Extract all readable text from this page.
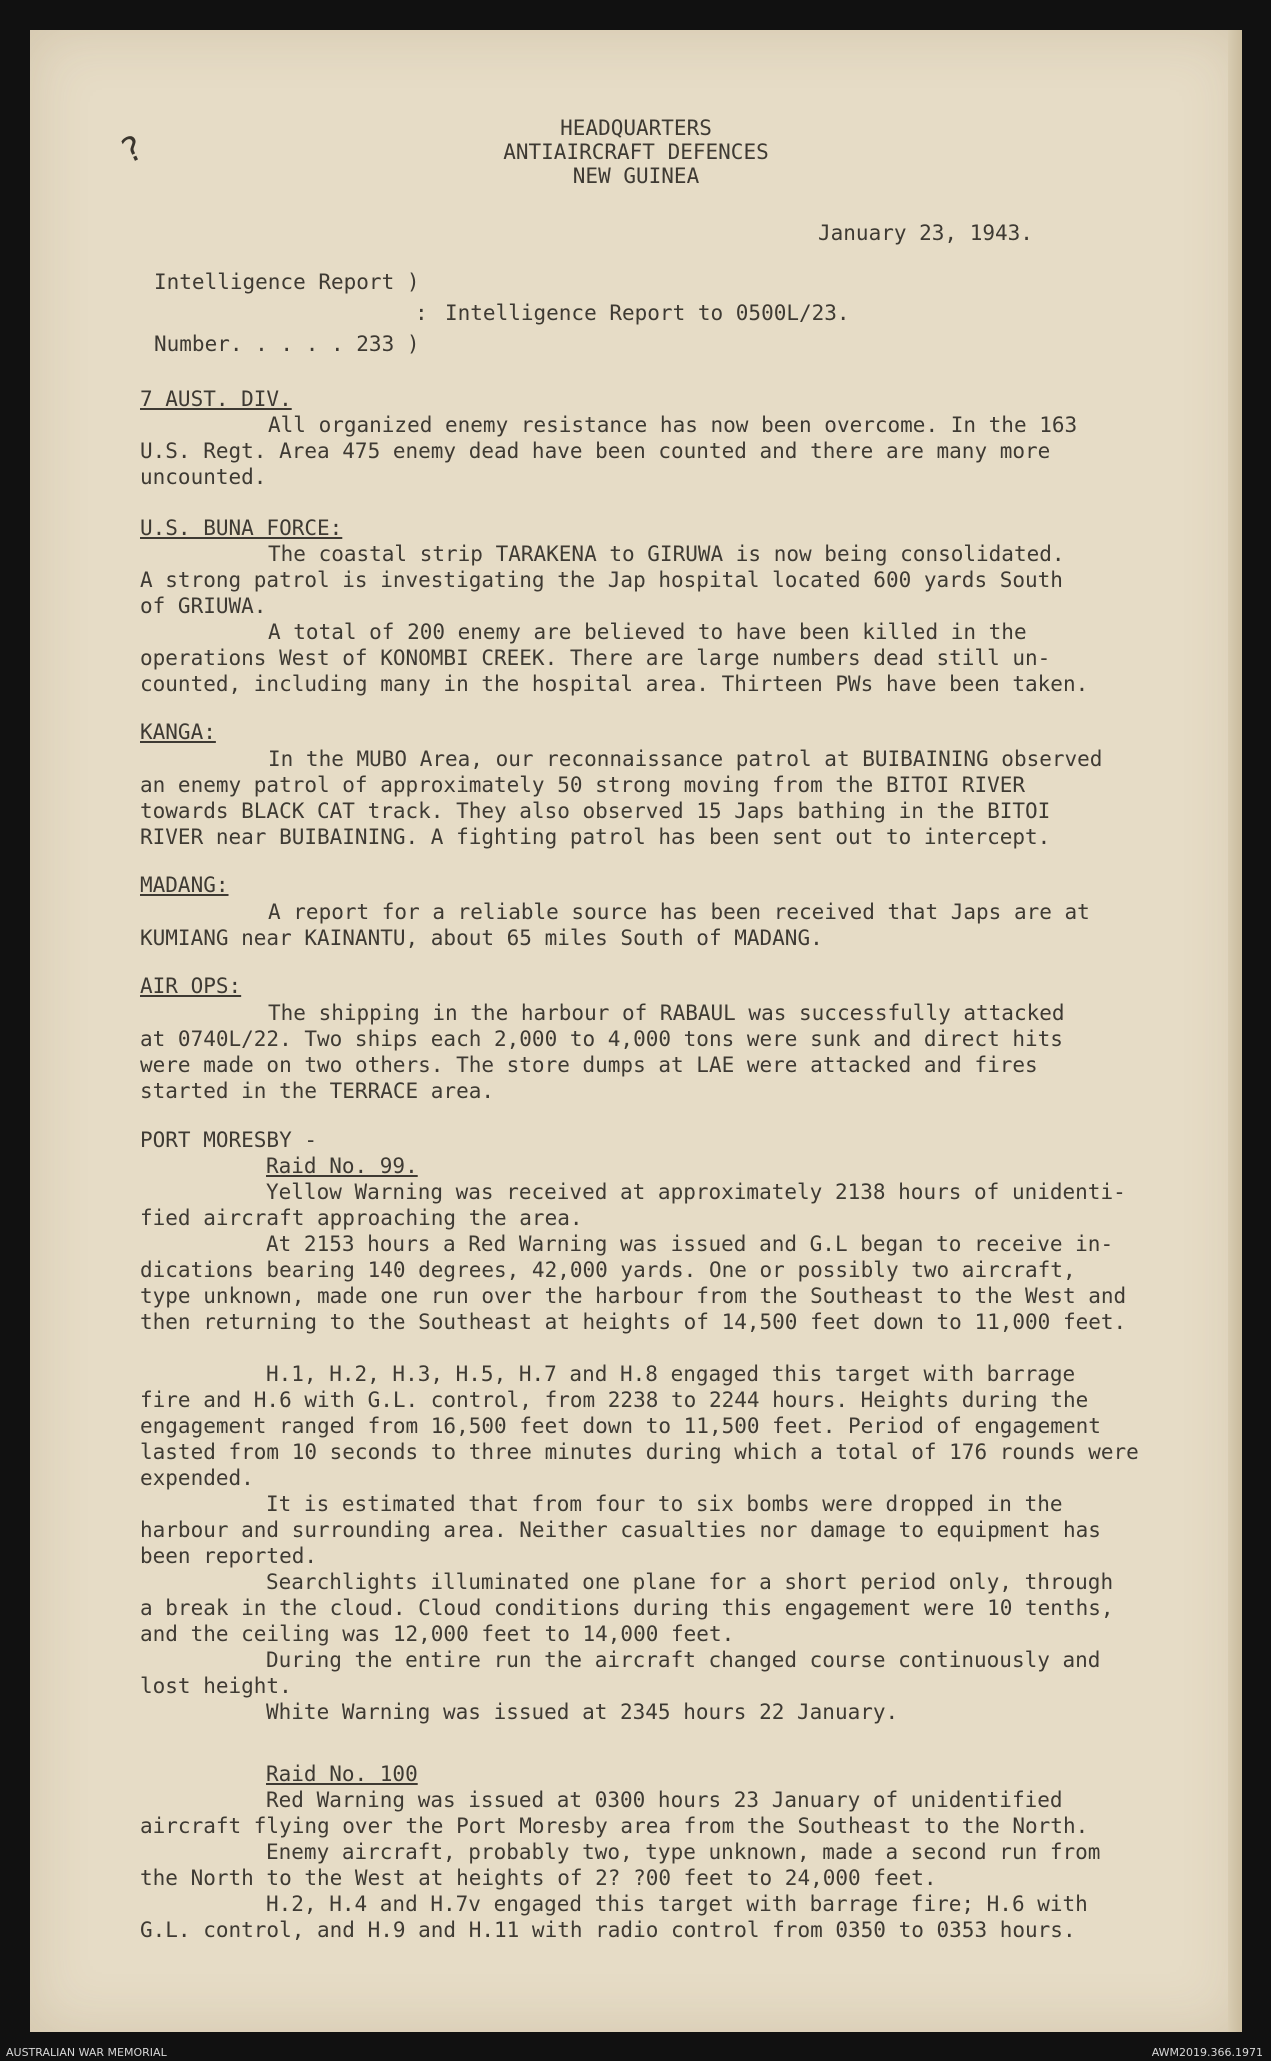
?	HEADQUARTERS
ANTIAIRCRAFT DEFENCES
NEW GUINEA
January 23, 1943.
Intelligence Report )
: Intelligence Report to 0500L/23.
Number. . . . . 233 )
7 AUST. DIV.
All organized enemy resistance has now been overcome. In the 163
U.S. Regt. Area 475 enemy dead have been counted and there are many more
uncounted.
U.S. BUNA FORCE:
The coastal strip TARAKENA to GIRUWA is now being consolidated.
A strong patrol is investigating the Jap hospital located 600 yards South
of GRIUWA.
A total of 200 enemy are believed to have been killed in the
operations West of KONOMBI CREEK. There are large numbers dead still un-
counted, including many in the hospital area. Thirteen PWs have been taken.
KANGA:
In the MUBO Area, our reconnaissance patrol at BUIBAINING observed
an enemy patrol of approximately 50 strong moving from the BITOI RIVER
towards BLACK CAT track. They also observed 15 Japs bathing in the BITOI
RIVER near BUIBAINING. A fighting patrol has been sent out to intercept.
MADANG:
A report for a reliable source has been received that Japs are at
KUMIANG near KAINANTU, about 65 miles South of MADANG.
AIR OPS:
The shipping in the harbour of RABAUL was successfully attacked
at 0740L/22. Two ships each 2,000 to 4,000 tons were sunk and direct hits
were made on two others. The store dumps at LAE were attacked and fires
started in the TERRACE area.
PORT MORESBY -
Raid No. 99.
Yellow Warning was received at approximately 2138 hours of unidenti-
fied aircraft approaching the area.
At 2153 hours a Red Warning was issued and G.L began to receive in-
dications bearing 140 degrees, 42,000 yards. One or possibly two aircraft,
type unknown, made one run over the harbour from the Southeast to the West and
then returning to the Southeast at heights of 14,500 feet down to 11,000 feet.
H.1, H.2, H.3, H.5, H.7 and H.8 engaged this target with barrage
fire and H.6 with G.L. control, from 2238 to 2244 hours. Heights during the
engagement ranged from 16,500 feet down to 11,500 feet. Period of engagement
lasted from 10 seconds to three minutes during which a total of 176 rounds were
expended.
It is estimated that from four to six bombs were dropped in the
harbour and surrounding area. Neither casualties nor damage to equipment has
been reported.
Searchlights illuminated one plane for a short period only, through
a break in the cloud. Cloud conditions during this engagement were 10 tenths,
and the ceiling was 12,000 feet to 14,000 feet.
During the entire run the aircraft changed course continuously and
lost height.
White Warning was issued at 2345 hours 22 January.
Raid No. 100
Red Warning was issued at 0300 hours 23 January of unidentified
aircraft flying over the Port Moresby area from the Southeast to the North.
Enemy aircraft, probably two, type unknown, made a second run from
the North to the West at heights of 2? ?00 feet to 24,000 feet.
H.2, H.4 and H.7v engaged this target with barrage fire; H.6 with
G.L. control, and H.9 and H.11 with radio control from 0350 to 0353 hours.
AUSTRALIAN WAR MEMORIAL	AWM2019.366.1971
